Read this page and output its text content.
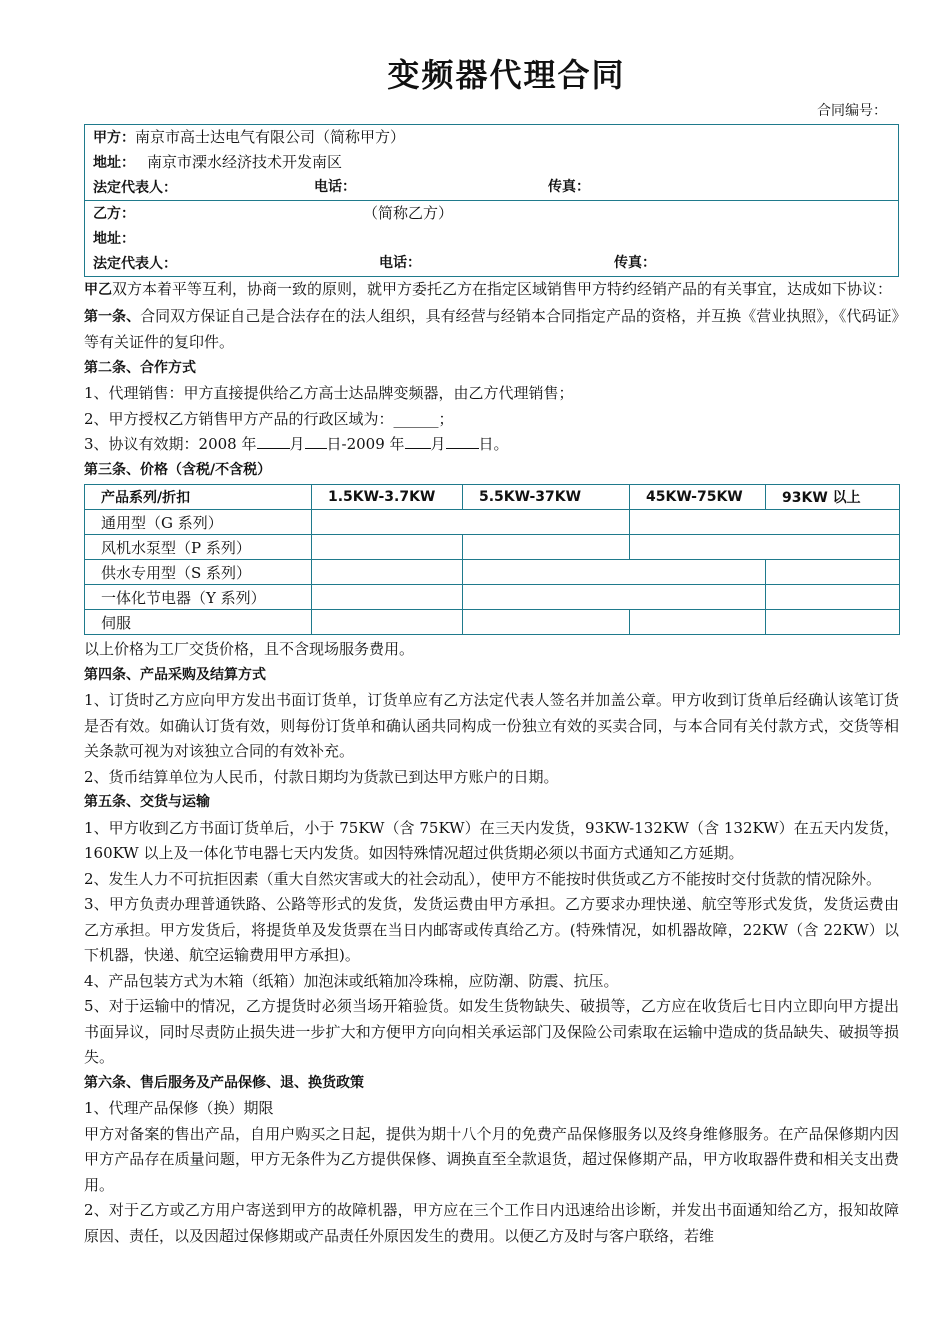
变频器代理合同
合同编号：
甲方：南京市高士达电气有限公司（简称甲方）
地址： 南京市溧水经济技术开发南区
法定代表人：	电话：	传真：
乙方：	（简称乙方）
地址：
法定代表人：	电话：	传真：

甲乙双方本着平等互利，协商一致的原则，就甲方委托乙方在指定区域销售甲方特约经销产品的有关事宜，达成如下协议：

第一条、合同双方保证自己是合法存在的法人组织，具有经营与经销本合同指定产品的资格，并互换《营业执照》，《代码证》等有关证件的复印件。

第二条、合作方式

1、代理销售：甲方直接提供给乙方高士达品牌变频器，由乙方代理销售；

2、甲方授权乙方销售甲方产品的行政区域为：______；

3、协议有效期：2008 年 月 日-2009 年 月 日。

第三条、价格（含税/不含税）

产品系列/折扣	1.5KW-3.7KW	5.5KW-37KW	45KW-75KW	93KW 以上
通用型（G 系列）				
风机水泵型（P 系列）				
供水专用型（S 系列）				
一体化节电器（Y 系列）				
伺服				

以上价格为工厂交货价格，且不含现场服务费用。

第四条、产品采购及结算方式

1、订货时乙方应向甲方发出书面订货单，订货单应有乙方法定代表人签名并加盖公章。甲方收到订货单后经确认该笔订货是否有效。如确认订货有效，则每份订货单和确认函共同构成一份独立有效的买卖合同，与本合同有关付款方式，交货等相关条款可视为对该独立合同的有效补充。

2、货币结算单位为人民币，付款日期均为货款已到达甲方账户的日期。

第五条、交货与运输

1、甲方收到乙方书面订货单后，小于 75KW（含 75KW）在三天内发货，93KW-132KW（含 132KW）在五天内发货，160KW 以上及一体化节电器七天内发货。如因特殊情况超过供货期必须以书面方式通知乙方延期。

2、发生人力不可抗拒因素（重大自然灾害或大的社会动乱），使甲方不能按时供货或乙方不能按时交付货款的情况除外。

3、甲方负责办理普通铁路、公路等形式的发货，发货运费由甲方承担。乙方要求办理快递、航空等形式发货，发货运费由乙方承担。甲方发货后，将提货单及发货票在当日内邮寄或传真给乙方。(特殊情况，如机器故障，22KW（含 22KW）以下机器，快递、航空运输费用甲方承担)。

4、产品包装方式为木箱（纸箱）加泡沫或纸箱加冷珠棉，应防潮、防震、抗压。

5、对于运输中的情况，乙方提货时必须当场开箱验货。如发生货物缺失、破损等，乙方应在收货后七日内立即向甲方提出书面异议，同时尽责防止损失进一步扩大和方便甲方向向相关承运部门及保险公司索取在运输中造成的货品缺失、破损等损失。

第六条、售后服务及产品保修、退、换货政策

1、代理产品保修（换）期限

甲方对备案的售出产品，自用户购买之日起，提供为期十八个月的免费产品保修服务以及终身维修服务。在产品保修期内因甲方产品存在质量问题，甲方无条件为乙方提供保修、调换直至全款退货，超过保修期产品，甲方收取器件费和相关支出费用。

2、对于乙方或乙方用户寄送到甲方的故障机器，甲方应在三个工作日内迅速给出诊断，并发出书面通知给乙方，报知故障原因、责任，以及因超过保修期或产品责任外原因发生的费用。以便乙方及时与客户联络，若维
